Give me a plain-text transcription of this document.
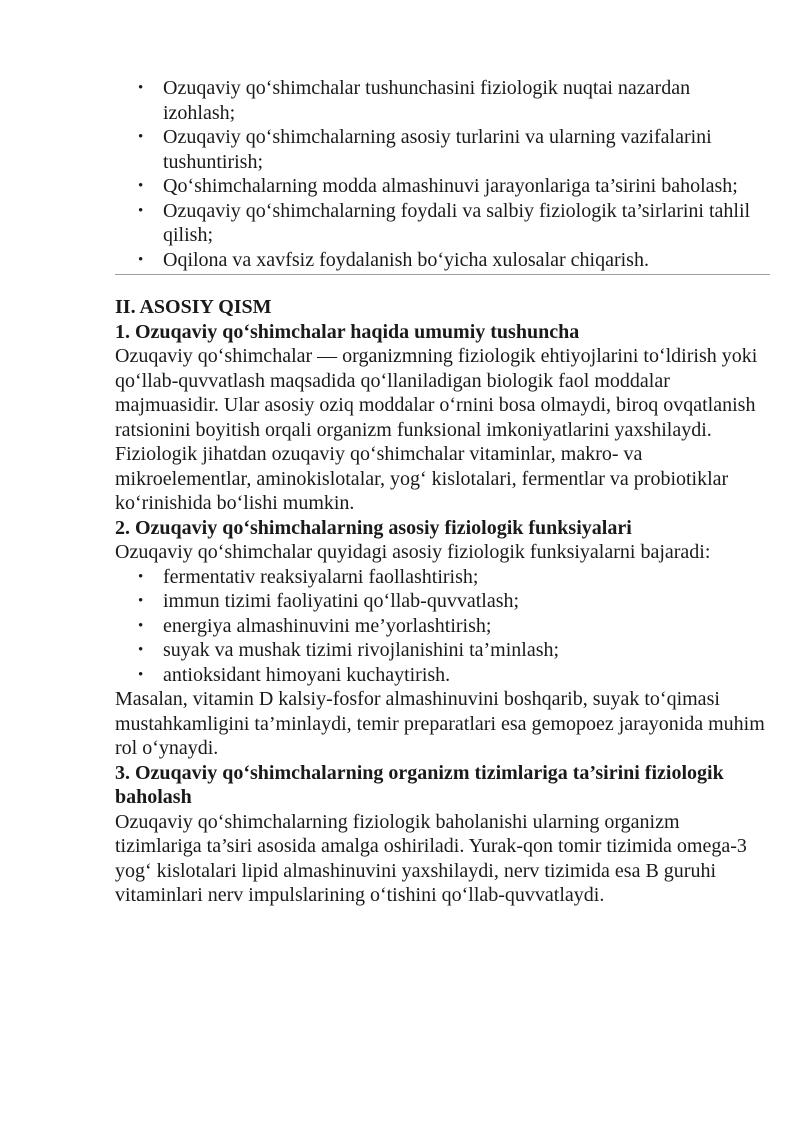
• Ozuqaviy qo‘shimchalar tushunchasini fiziologik nuqtai nazardan izohlash;
• Ozuqaviy qo‘shimchalarning asosiy turlarini va ularning vazifalarini tushuntirish;
• Qo‘shimchalarning modda almashinuvi jarayonlariga ta’sirini baholash;
• Ozuqaviy qo‘shimchalarning foydali va salbiy fiziologik ta’sirlarini tahlil qilish;
• Oqilona va xavfsiz foydalanish bo‘yicha xulosalar chiqarish.

II. ASOSIY QISM

1. Ozuqaviy qo‘shimchalar haqida umumiy tushuncha

Ozuqaviy qo‘shimchalar — organizmning fiziologik ehtiyojlarini to‘ldirish yoki qo‘llab-quvvatlash maqsadida qo‘llaniladigan biologik faol moddalar majmuasidir. Ular asosiy oziq moddalar o‘rnini bosa olmaydi, biroq ovqatlanish ratsionini boyitish orqali organizm funksional imkoniyatlarini yaxshilaydi.

Fiziologik jihatdan ozuqaviy qo‘shimchalar vitaminlar, makro- va mikroelementlar, aminokislotalar, yog‘ kislotalari, fermentlar va probiotiklar ko‘rinishida bo‘lishi mumkin.

2. Ozuqaviy qo‘shimchalarning asosiy fiziologik funksiyalari

Ozuqaviy qo‘shimchalar quyidagi asosiy fiziologik funksiyalarni bajaradi:

• fermentativ reaksiyalarni faollashtirish;
• immun tizimi faoliyatini qo‘llab-quvvatlash;
• energiya almashinuvini me’yorlashtirish;
• suyak va mushak tizimi rivojlanishini ta’minlash;
• antioksidant himoyani kuchaytirish.

Masalan, vitamin D kalsiy-fosfor almashinuvini boshqarib, suyak to‘qimasi mustahkamligini ta’minlaydi, temir preparatlari esa gemopoez jarayonida muhim rol o‘ynaydi.

3. Ozuqaviy qo‘shimchalarning organizm tizimlariga ta’sirini fiziologik baholash

Ozuqaviy qo‘shimchalarning fiziologik baholanishi ularning organizm tizimlariga ta’siri asosida amalga oshiriladi. Yurak-qon tomir tizimida omega-3 yog‘ kislotalari lipid almashinuvini yaxshilaydi, nerv tizimida esa B guruhi vitaminlari nerv impulslarining o‘tishini qo‘llab-quvvatlaydi.
